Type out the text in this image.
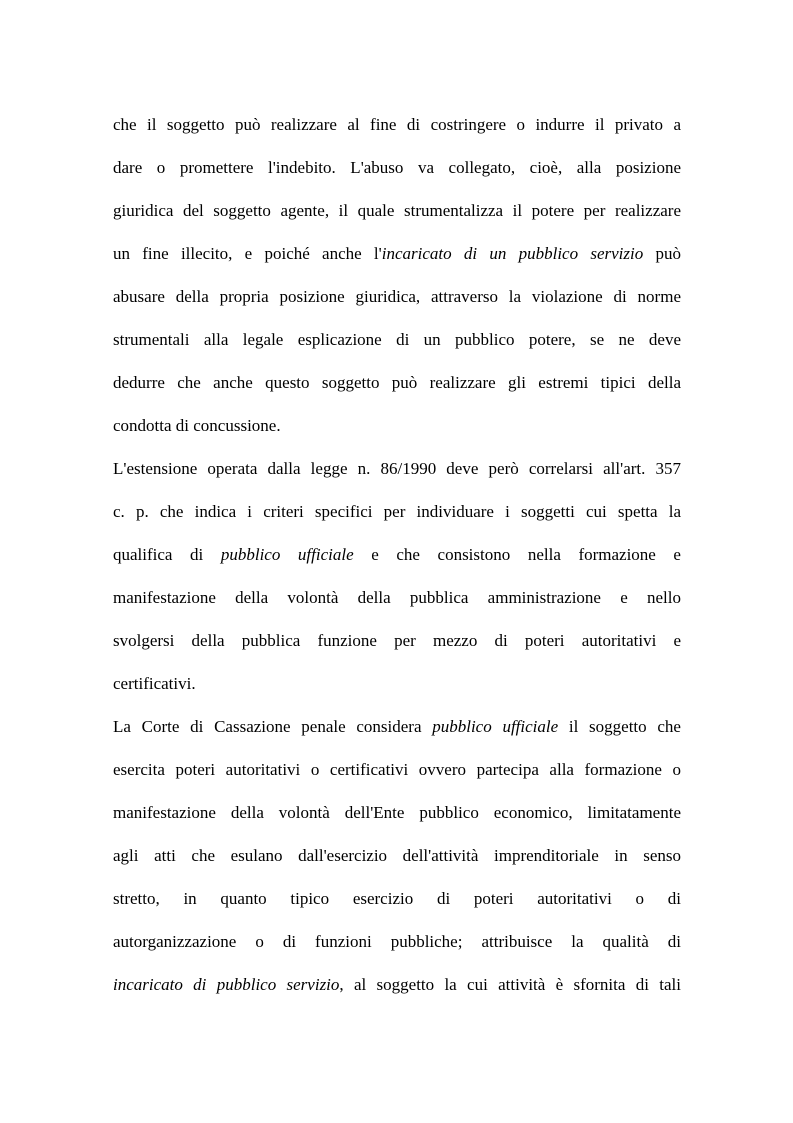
che il soggetto può realizzare al fine di costringere o indurre il privato a
dare o promettere l'indebito. L'abuso va collegato, cioè, alla posizione
giuridica del soggetto agente, il quale strumentalizza il potere per realizzare
un fine illecito, e poiché anche l'incaricato di un pubblico servizio può
abusare della propria posizione giuridica, attraverso la violazione di norme
strumentali alla legale esplicazione di un pubblico potere, se ne deve
dedurre che anche questo soggetto può realizzare gli estremi tipici della
condotta di concussione.
L'estensione operata dalla legge n. 86/1990 deve però correlarsi all'art. 357
c. p. che indica i criteri specifici per individuare i soggetti cui spetta la
qualifica di pubblico ufficiale e che consistono nella formazione e
manifestazione della volontà della pubblica amministrazione e nello
svolgersi della pubblica funzione per mezzo di poteri autoritativi e
certificativi.
La Corte di Cassazione penale considera pubblico ufficiale il soggetto che
esercita poteri autoritativi o certificativi ovvero partecipa alla formazione o
manifestazione della volontà dell'Ente pubblico economico, limitatamente
agli atti che esulano dall'esercizio dell'attività imprenditoriale in senso
stretto, in quanto tipico esercizio di poteri autoritativi o di
autorganizzazione o di funzioni pubbliche; attribuisce la qualità di
incaricato di pubblico servizio, al soggetto la cui attività è sfornita di tali
